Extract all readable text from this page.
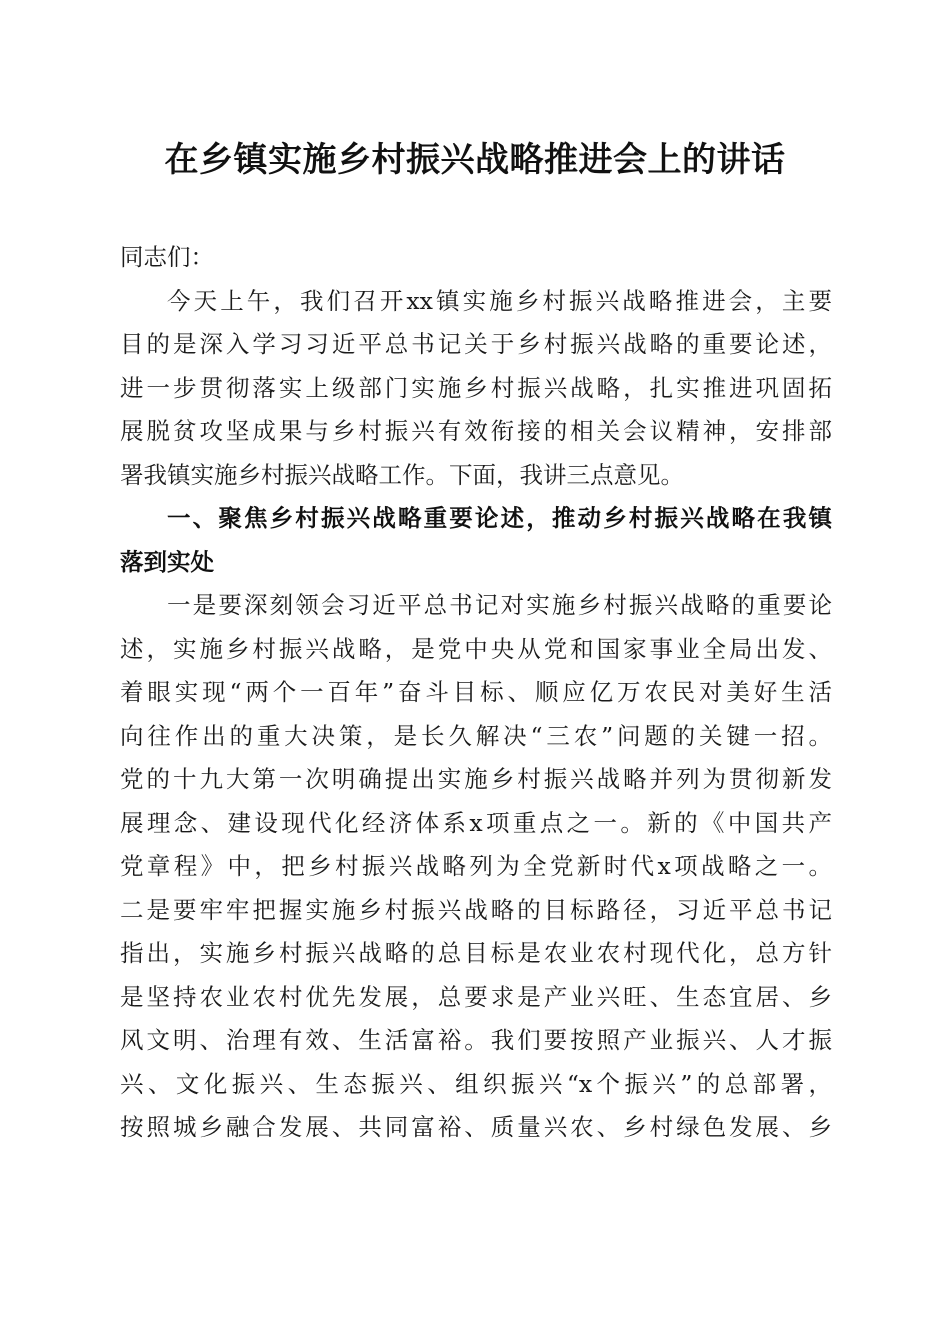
在乡镇实施乡村振兴战略推进会上的讲话
同志们：
今天上午，我们召开xx镇实施乡村振兴战略推进会，主要
目的是深入学习习近平总书记关于乡村振兴战略的重要论述，
进一步贯彻落实上级部门实施乡村振兴战略，扎实推进巩固拓
展脱贫攻坚成果与乡村振兴有效衔接的相关会议精神，安排部
署我镇实施乡村振兴战略工作。下面，我讲三点意见。
一、聚焦乡村振兴战略重要论述，推动乡村振兴战略在我镇
落到实处
一是要深刻领会习近平总书记对实施乡村振兴战略的重要论
述，实施乡村振兴战略，是党中央从党和国家事业全局出发、
着眼实现“两个一百年”奋斗目标、顺应亿万农民对美好生活
向往作出的重大决策，是长久解决“三农”问题的关键一招。
党的十九大第一次明确提出实施乡村振兴战略并列为贯彻新发
展理念、建设现代化经济体系x项重点之一。新的《中国共产
党章程》中，把乡村振兴战略列为全党新时代x项战略之一。
二是要牢牢把握实施乡村振兴战略的目标路径，习近平总书记
指出，实施乡村振兴战略的总目标是农业农村现代化，总方针
是坚持农业农村优先发展，总要求是产业兴旺、生态宜居、乡
风文明、治理有效、生活富裕。我们要按照产业振兴、人才振
兴、文化振兴、生态振兴、组织振兴“x个振兴”的总部署，
按照城乡融合发展、共同富裕、质量兴农、乡村绿色发展、乡
